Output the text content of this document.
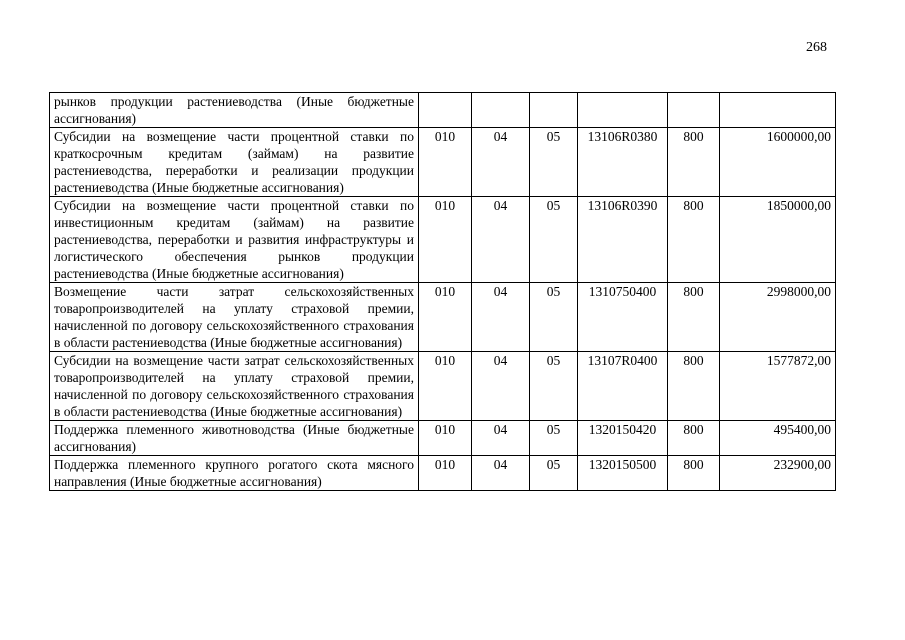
268
рынков продукции растениеводства (Иные бюджетные ассигнования)						
Субсидии на возмещение части процентной ставки по краткосрочным кредитам (займам) на развитие растениеводства, переработки и реализации продукции растениеводства (Иные бюджетные ассигнования)	010	04	05	13106R0380	800	1600000,00
Субсидии на возмещение части процентной ставки по инвестиционным кредитам (займам) на развитие растениеводства, переработки и развития инфраструктуры и логистического обеспечения рынков продукции растениеводства (Иные бюджетные ассигнования)	010	04	05	13106R0390	800	1850000,00
Возмещение части затрат сельскохозяйственных товаропроизводителей на уплату страховой премии, начисленной по договору сельскохозяйственного страхования в области растениеводства (Иные бюджетные ассигнования)	010	04	05	1310750400	800	2998000,00
Субсидии на возмещение части затрат сельскохозяйственных товаропроизводителей на уплату страховой премии, начисленной по договору сельскохозяйственного страхования в области растениеводства (Иные бюджетные ассигнования)	010	04	05	13107R0400	800	1577872,00
Поддержка племенного животноводства (Иные бюджетные ассигнования)	010	04	05	1320150420	800	495400,00
Поддержка племенного крупного рогатого скота мясного направления (Иные бюджетные ассигнования)	010	04	05	1320150500	800	232900,00
